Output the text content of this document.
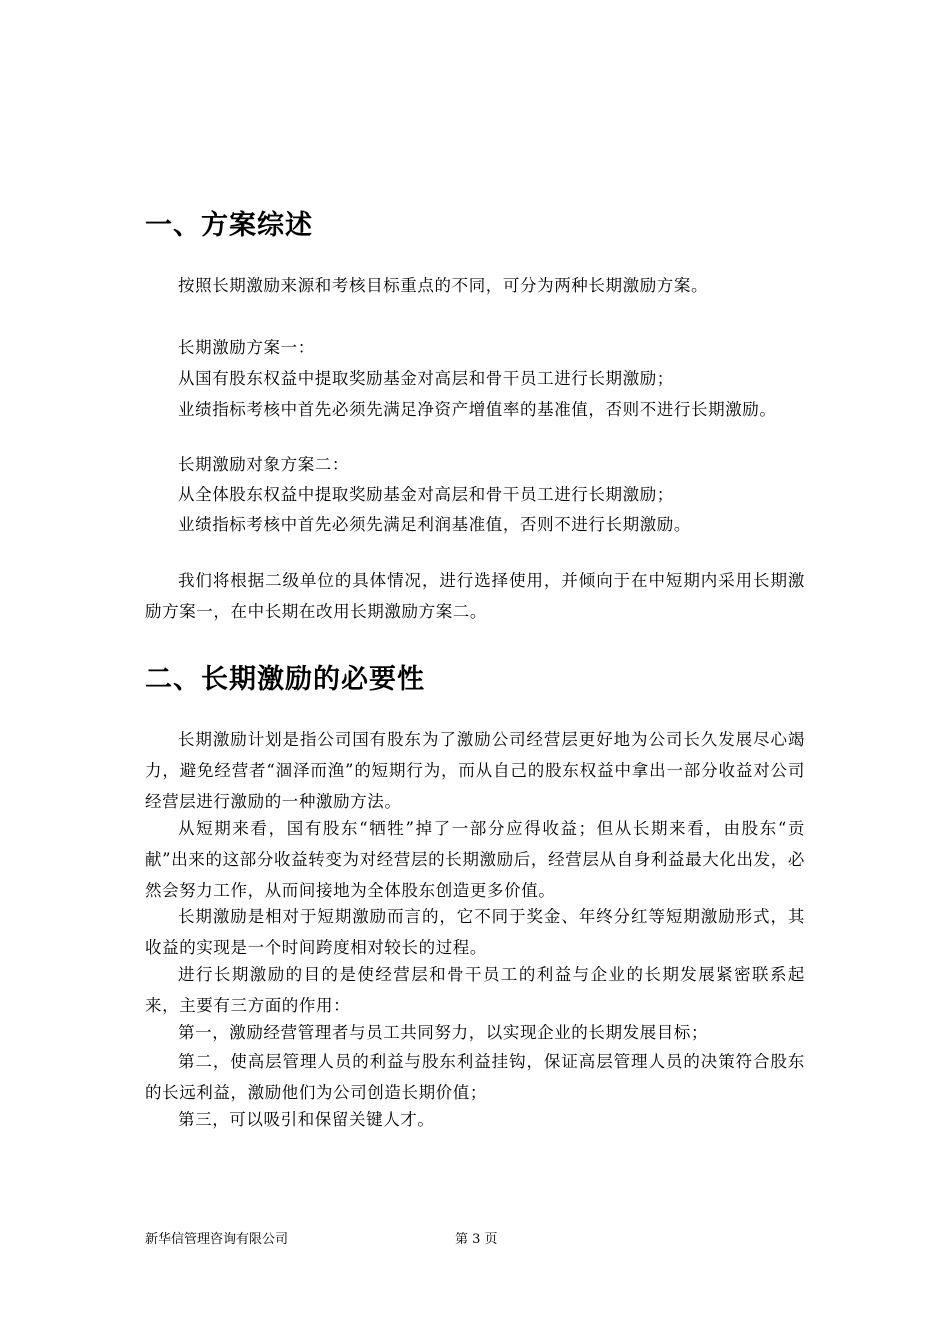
一、方案综述

按照长期激励来源和考核目标重点的不同，可分为两种长期激励方案。

长期激励方案一：

从国有股东权益中提取奖励基金对高层和骨干员工进行长期激励；

业绩指标考核中首先必须先满足净资产增值率的基准值，否则不进行长期激励。

长期激励对象方案二：

从全体股东权益中提取奖励基金对高层和骨干员工进行长期激励；

业绩指标考核中首先必须先满足利润基准值，否则不进行长期激励。

我们将根据二级单位的具体情况，进行选择使用，并倾向于在中短期内采用长期激励方案一，在中长期在改用长期激励方案二。

二、长期激励的必要性

长期激励计划是指公司国有股东为了激励公司经营层更好地为公司长久发展尽心竭力，避免经营者“涸泽而渔”的短期行为，而从自己的股东权益中拿出一部分收益对公司经营层进行激励的一种激励方法。

从短期来看，国有股东“牺牲”掉了一部分应得收益；但从长期来看，由股东“贡献”出来的这部分收益转变为对经营层的长期激励后，经营层从自身利益最大化出发，必然会努力工作，从而间接地为全体股东创造更多价值。

长期激励是相对于短期激励而言的，它不同于奖金、年终分红等短期激励形式，其收益的实现是一个时间跨度相对较长的过程。

进行长期激励的目的是使经营层和骨干员工的利益与企业的长期发展紧密联系起来，主要有三方面的作用：

第一，激励经营管理者与员工共同努力，以实现企业的长期发展目标；

第二，使高层管理人员的利益与股东利益挂钩，保证高层管理人员的决策符合股东的长远利益，激励他们为公司创造长期价值；

第三，可以吸引和保留关键人才。

新华信管理咨询有限公司	第 3 页
